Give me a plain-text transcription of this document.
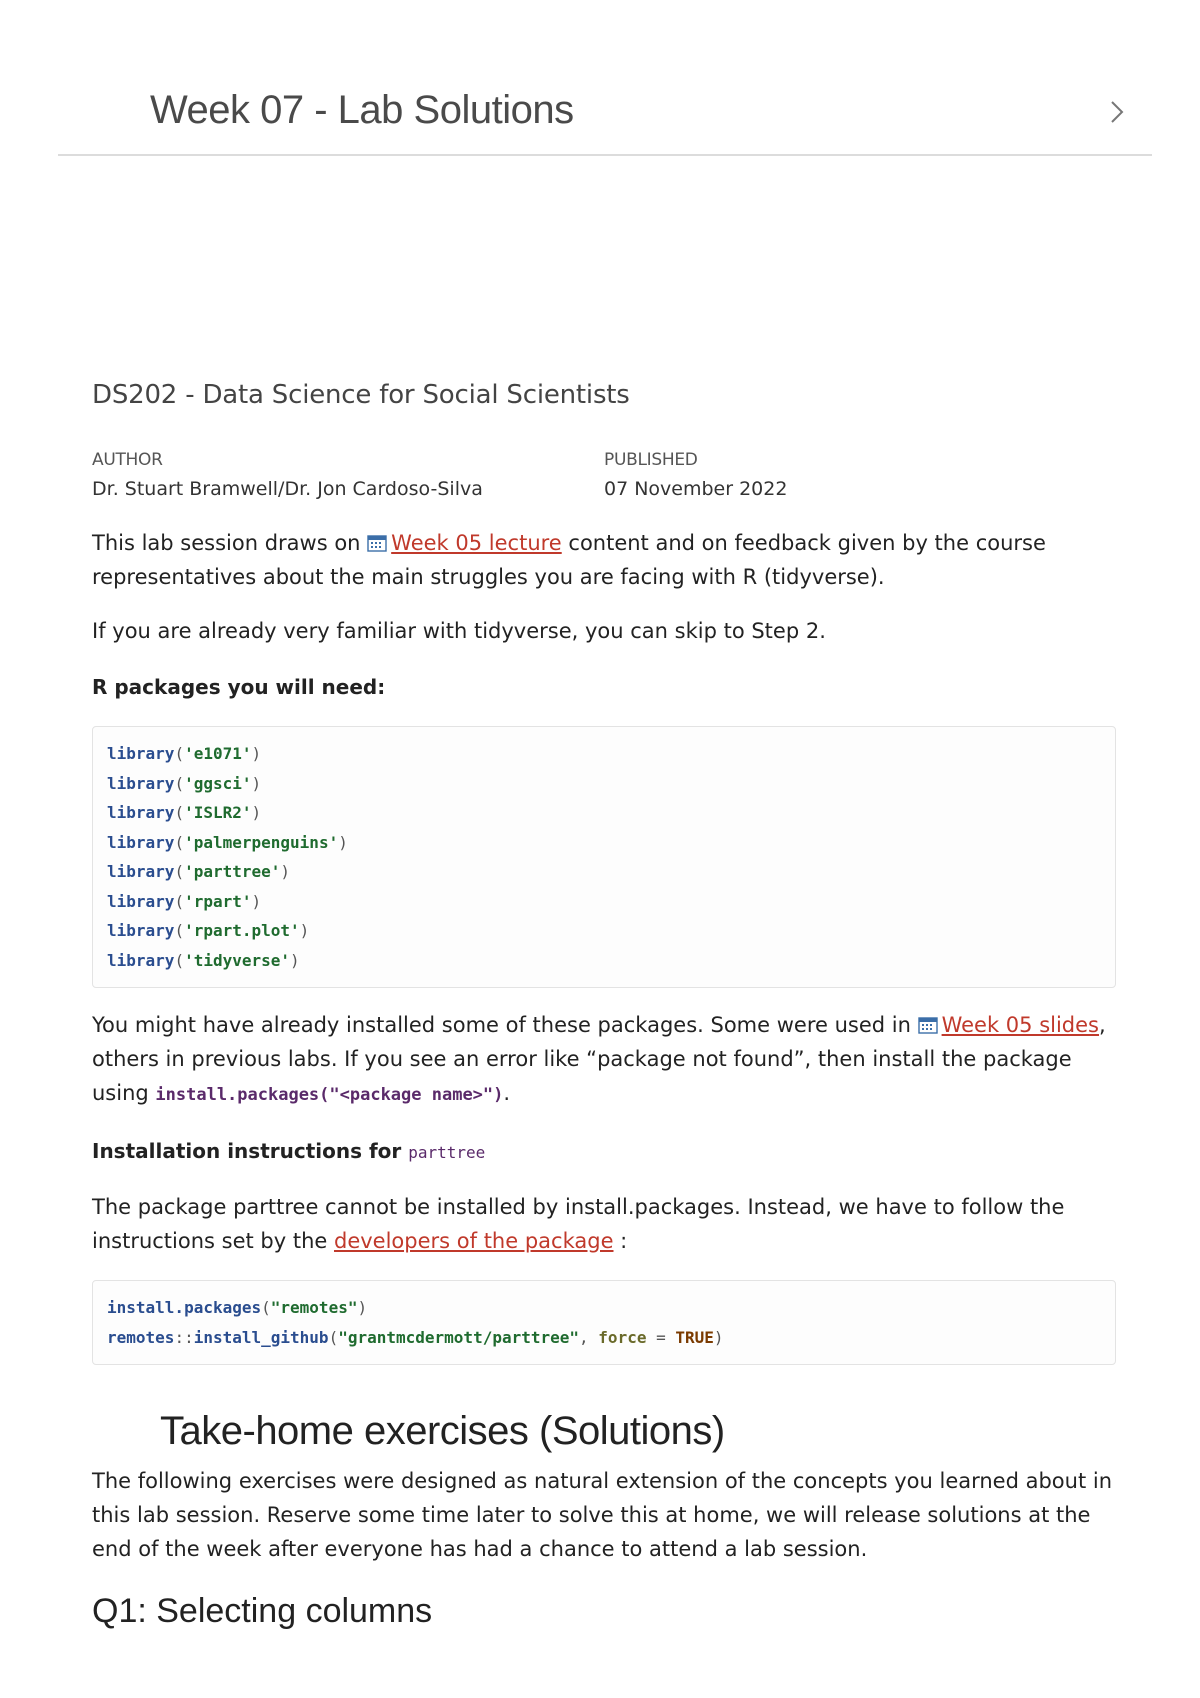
Week 07 - Lab Solutions
DS202 - Data Science for Social Scientists
AUTHOR
Dr. Stuart Bramwell/Dr. Jon Cardoso-Silva
PUBLISHED
07 November 2022

This lab session draws on Week 05 lecture content and on feedback given by the course representatives about the main struggles you are facing with R (tidyverse).

If you are already very familiar with tidyverse, you can skip to Step 2.

R packages you will need:

library('e1071')
library('ggsci')
library('ISLR2')
library('palmerpenguins')
library('parttree')
library('rpart')
library('rpart.plot')
library('tidyverse')

You might have already installed some of these packages. Some were used in Week 05 slides, others in previous labs. If you see an error like “package not found”, then install the package using install.packages("<package name>").

Installation instructions for parttree

The package parttree cannot be installed by install.packages. Instead, we have to follow the instructions set by the developers of the package :

install.packages("remotes")
remotes::install_github("grantmcdermott/parttree", force = TRUE)
Take-home exercises (Solutions)

The following exercises were designed as natural extension of the concepts you learned about in this lab session. Reserve some time later to solve this at home, we will release solutions at the end of the week after everyone has had a chance to attend a lab session.

Q1: Selecting columns
